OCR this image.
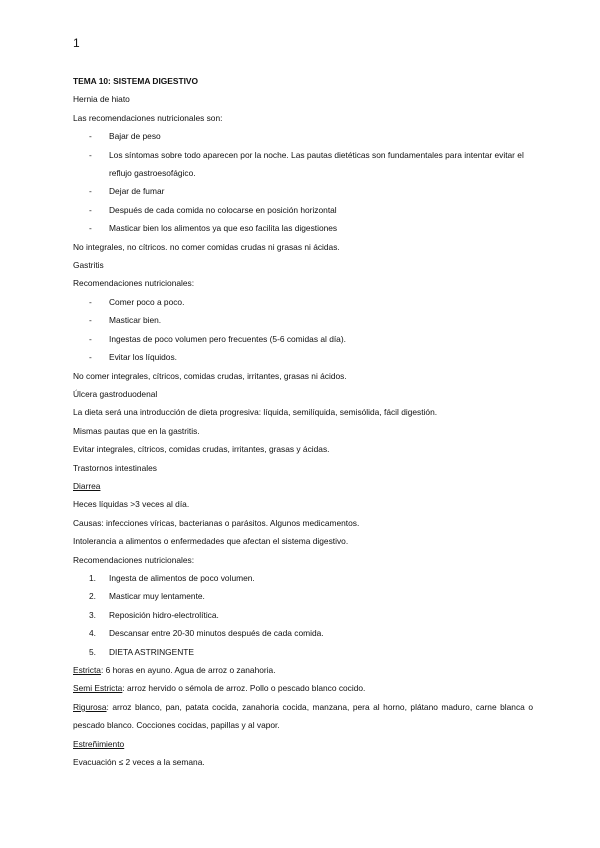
1
TEMA 10: SISTEMA DIGESTIVO
Hernia de hiato
Las recomendaciones nutricionales son:
- Bajar de peso
- Los síntomas sobre todo aparecen por la noche. Las pautas dietéticas son fundamentales para intentar evitar el reflujo gastroesofágico.
- Dejar de fumar
- Después de cada comida no colocarse en posición horizontal
- Masticar bien los alimentos ya que eso facilita las digestiones
No integrales, no cítricos. no comer comidas crudas ni grasas ni ácidas.
Gastritis
Recomendaciones nutricionales:
- Comer poco a poco.
- Masticar bien.
- Ingestas de poco volumen pero frecuentes (5-6 comidas al día).
- Evitar los líquidos.
No comer integrales, cítricos, comidas crudas, irritantes, grasas ni ácidos.
Úlcera gastroduodenal
La dieta será una introducción de dieta progresiva: líquida, semilíquida, semisólida, fácil digestión.
Mismas pautas que en la gastritis.
Evitar integrales, cítricos, comidas crudas, irritantes, grasas y ácidas.
Trastornos intestinales
Diarrea
Heces líquidas >3 veces al día.
Causas: infecciones víricas, bacterianas o parásitos. Algunos medicamentos.
Intolerancia a alimentos o enfermedades que afectan el sistema digestivo.
Recomendaciones nutricionales:
1. Ingesta de alimentos de poco volumen.
2. Masticar muy lentamente.
3. Reposición hidro-electrolítica.
4. Descansar entre 20-30 minutos después de cada comida.
5. DIETA ASTRINGENTE
Estricta: 6 horas en ayuno. Agua de arroz o zanahoria.
Semi Estricta: arroz hervido o sémola de arroz. Pollo o pescado blanco cocido.
Rigurosa: arroz blanco, pan, patata cocida, zanahoria cocida, manzana, pera al horno, plátano maduro, carne blanca o pescado blanco. Cocciones cocidas, papillas y al vapor.
Estreñimiento
Evacuación ≤ 2 veces a la semana.
